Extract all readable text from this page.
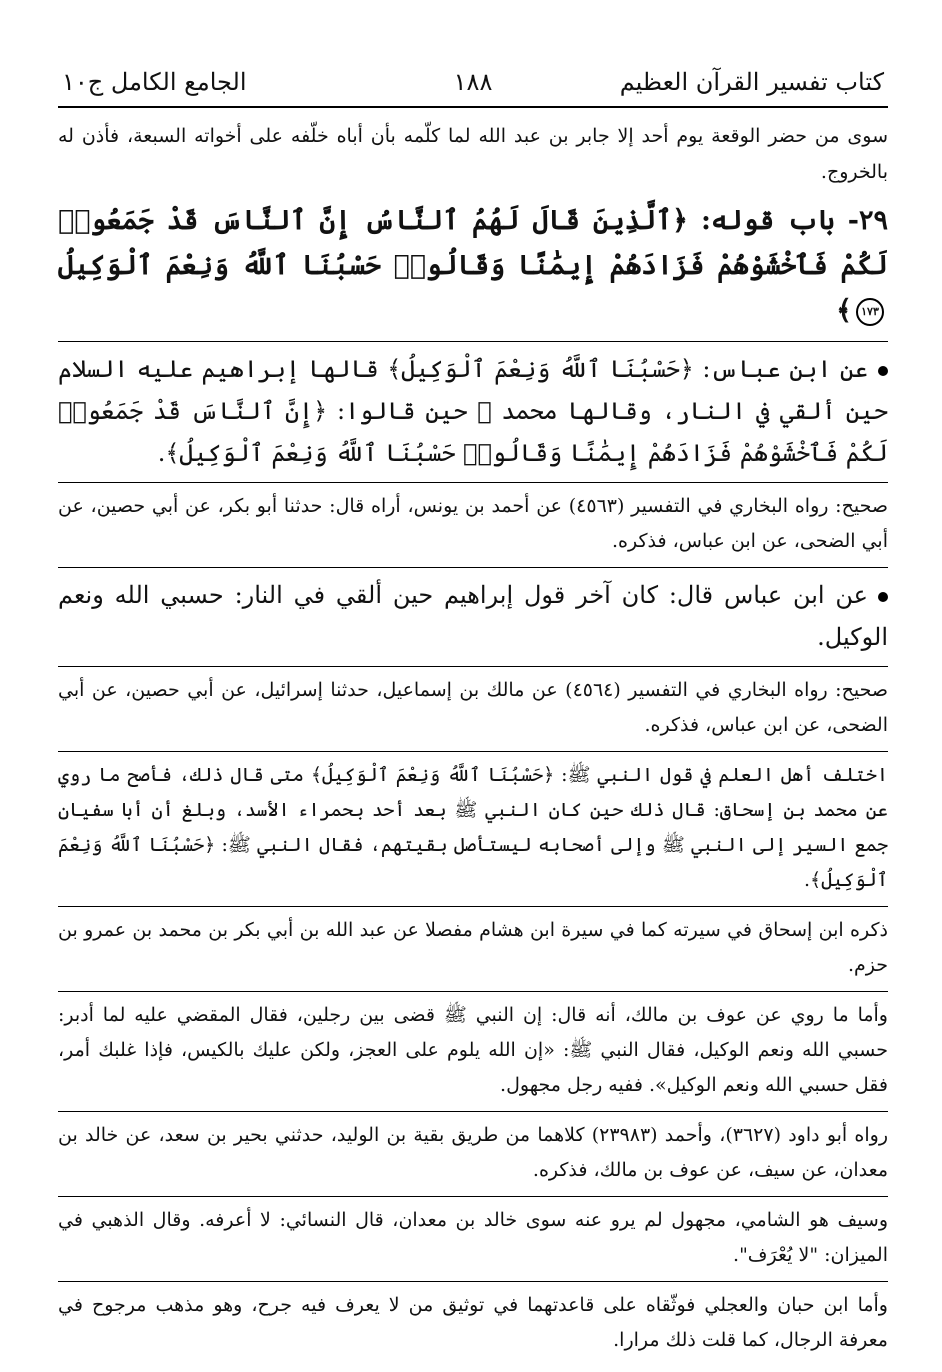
كتاب تفسير القرآن العظيم
١٨٨
الجامع الكامل ج١٠

سوى من حضر الوقعة يوم أحد إلا جابر بن عبد الله لما كلّمه بأن أباه خلّفه على أخواته السبعة، فأذن له بالخروج.

٢٩- باب قوله: ﴿ٱلَّذِينَ قَالَ لَهُمُ ٱلنَّاسُ إِنَّ ٱلنَّاسَ قَدْ جَمَعُوا۟ لَكُمْ فَٱخْشَوْهُمْ فَزَادَهُمْ إِيمَٰنًا وَقَالُوا۟ حَسْبُنَا ٱللَّهُ وَنِعْمَ ٱلْوَكِيلُ ١٧٣﴾

عن ابن عباس: ﴿حَسْبُنَا ٱللَّهُ وَنِعْمَ ٱلْوَكِيلُ﴾ قالها إبراهيم عليه السلام حين ألقي في النار، وقالها محمد ﷺ حين قالوا: ﴿إِنَّ ٱلنَّاسَ قَدْ جَمَعُوا۟ لَكُمْ فَٱخْشَوْهُمْ فَزَادَهُمْ إِيمَٰنًا وَقَالُوا۟ حَسْبُنَا ٱللَّهُ وَنِعْمَ ٱلْوَكِيلُ﴾.

صحيح: رواه البخاري في التفسير (٤٥٦٣) عن أحمد بن يونس، أراه قال: حدثنا أبو بكر، عن أبي حصين، عن أبي الضحى، عن ابن عباس، فذكره.

عن ابن عباس قال: كان آخر قول إبراهيم حين ألقي في النار: حسبي الله ونعم الوكيل.

صحيح: رواه البخاري في التفسير (٤٥٦٤) عن مالك بن إسماعيل، حدثنا إسرائيل، عن أبي حصين، عن أبي الضحى، عن ابن عباس، فذكره.

اختلف أهل العلم في قول النبي ﷺ: ﴿حَسْبُنَا ٱللَّهُ وَنِعْمَ ٱلْوَكِيلُ﴾ متى قال ذلك، فأصح ما روي عن محمد بن إسحاق: قال ذلك حين كان النبي ﷺ بعد أحد بحمراء الأسد، وبلغ أن أبا سفيان جمع السير إلى النبي ﷺ وإلى أصحابه ليستأصل بقيتهم، فقال النبي ﷺ: ﴿حَسْبُنَا ٱللَّهُ وَنِعْمَ ٱلْوَكِيلُ﴾.

ذكره ابن إسحاق في سيرته كما في سيرة ابن هشام مفصلا عن عبد الله بن أبي بكر بن محمد بن عمرو بن حزم.

وأما ما روي عن عوف بن مالك، أنه قال: إن النبي ﷺ قضى بين رجلين، فقال المقضي عليه لما أدبر: حسبي الله ونعم الوكيل، فقال النبي ﷺ: «إن الله يلوم على العجز، ولكن عليك بالكيس، فإذا غلبك أمر، فقل حسبي الله ونعم الوكيل». ففيه رجل مجهول.

رواه أبو داود (٣٦٢٧)، وأحمد (٢٣٩٨٣) كلاهما من طريق بقية بن الوليد، حدثني بحير بن سعد، عن خالد بن معدان، عن سيف، عن عوف بن مالك، فذكره.

وسيف هو الشامي، مجهول لم يرو عنه سوى خالد بن معدان، قال النسائي: لا أعرفه. وقال الذهبي في الميزان: "لا يُعْرَف".

وأما ابن حبان والعجلي فوثّقاه على قاعدتهما في توثيق من لا يعرف فيه جرح، وهو مذهب مرجوح في معرفة الرجال، كما قلت ذلك مرارا.
